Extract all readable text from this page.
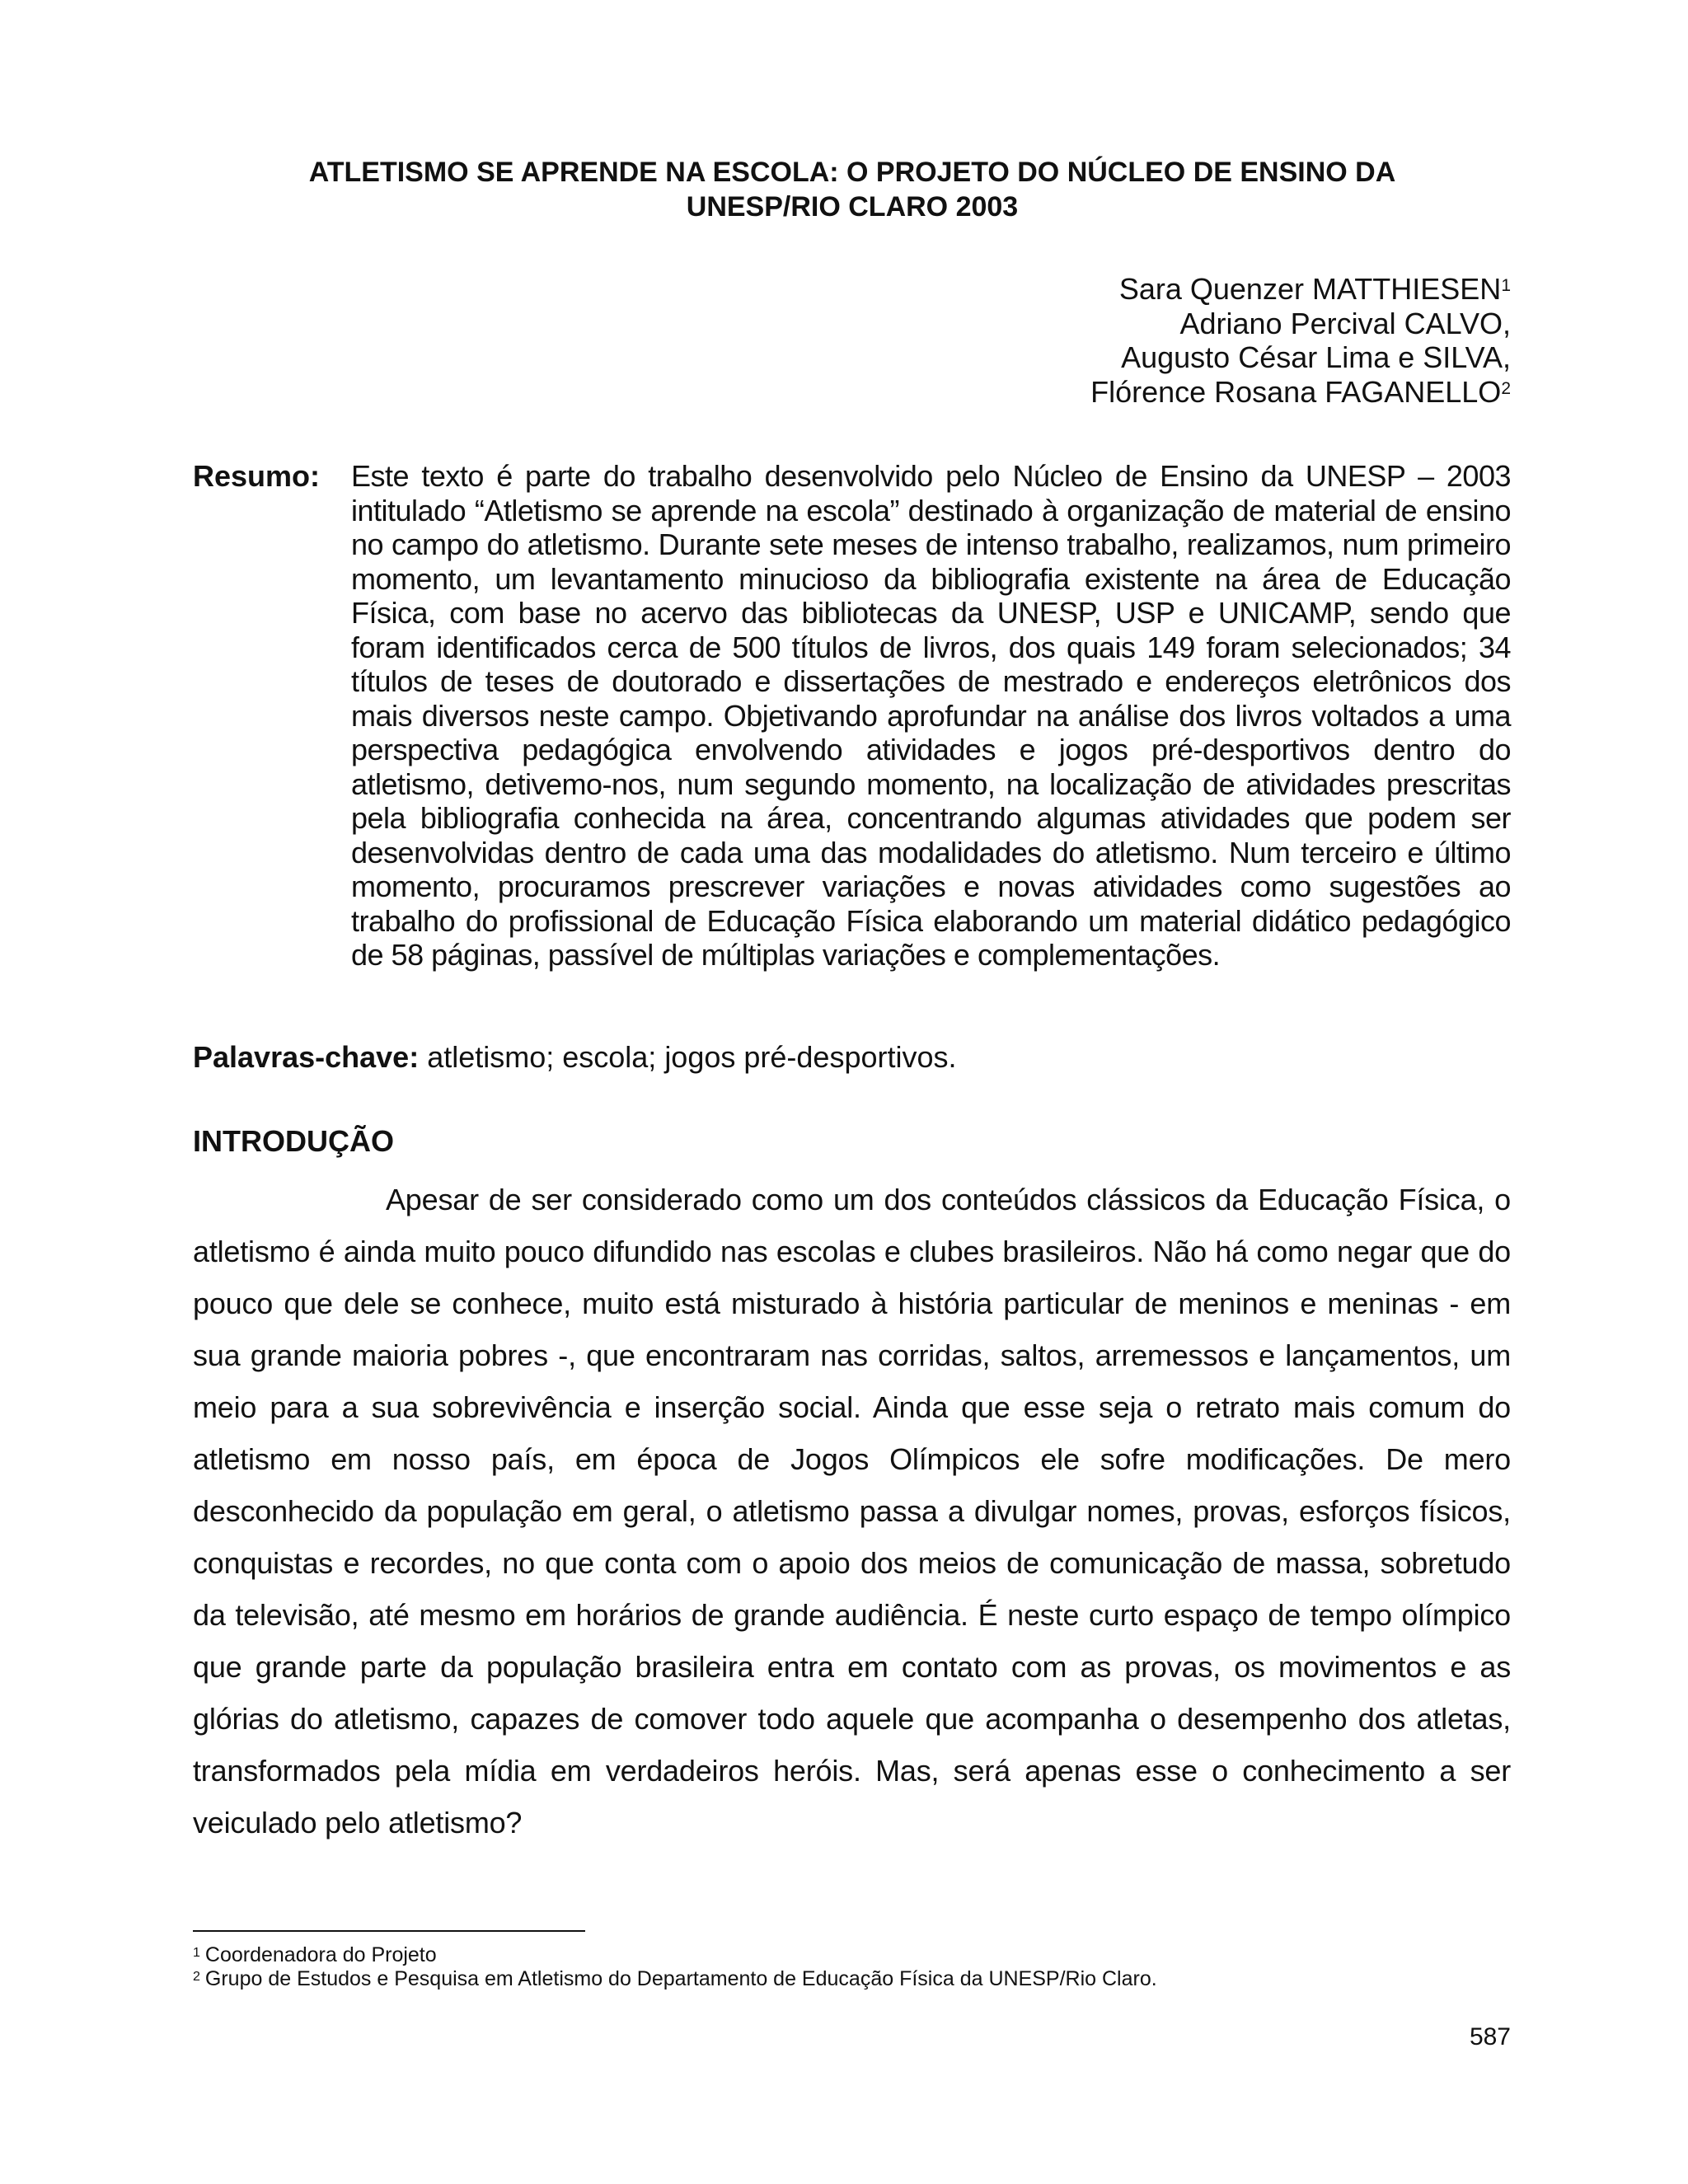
ATLETISMO SE APRENDE NA ESCOLA: O PROJETO DO NÚCLEO DE ENSINO DA
UNESP/RIO CLARO 2003
Sara Quenzer MATTHIESEN$^1$
Adriano Percival CALVO,
Augusto César Lima e SILVA,
Flórence Rosana FAGANELLO$^2$
Resumo: Este texto é parte do trabalho desenvolvido pelo Núcleo de Ensino da UNESP – 2003 intitulado “Atletismo se aprende na escola” destinado à organização de material de ensino no campo do atletismo. Durante sete meses de intenso trabalho, realizamos, num primeiro momento, um levantamento minucioso da bibliografia existente na área de Educação Física, com base no acervo das bibliotecas da UNESP, USP e UNICAMP, sendo que foram identificados cerca de 500 títulos de livros, dos quais 149 foram selecionados; 34 títulos de teses de doutorado e dissertações de mestrado e endereços eletrônicos dos mais diversos neste campo. Objetivando aprofundar na análise dos livros voltados a uma perspectiva pedagógica envolvendo atividades e jogos pré-desportivos dentro do atletismo, detivemo-nos, num segundo momento, na localização de atividades prescritas pela bibliografia conhecida na área, concentrando algumas atividades que podem ser desenvolvidas dentro de cada uma das modalidades do atletismo. Num terceiro e último momento, procuramos prescrever variações e novas atividades como sugestões ao trabalho do profissional de Educação Física elaborando um material didático pedagógico de 58 páginas, passível de múltiplas variações e complementações.
Palavras-chave: atletismo; escola; jogos pré-desportivos.
INTRODUÇÃO
Apesar de ser considerado como um dos conteúdos clássicos da Educação Física, o atletismo é ainda muito pouco difundido nas escolas e clubes brasileiros. Não há como negar que do pouco que dele se conhece, muito está misturado à história particular de meninos e meninas - em sua grande maioria pobres -, que encontraram nas corridas, saltos, arremessos e lançamentos, um meio para a sua sobrevivência e inserção social. Ainda que esse seja o retrato mais comum do atletismo em nosso país, em época de Jogos Olímpicos ele sofre modificações. De mero desconhecido da população em geral, o atletismo passa a divulgar nomes, provas, esforços físicos, conquistas e recordes, no que conta com o apoio dos meios de comunicação de massa, sobretudo da televisão, até mesmo em horários de grande audiência. É neste curto espaço de tempo olímpico que grande parte da população brasileira entra em contato com as provas, os movimentos e as glórias do atletismo, capazes de comover todo aquele que acompanha o desempenho dos atletas, transformados pela mídia em verdadeiros heróis. Mas, será apenas esse o conhecimento a ser veiculado pelo atletismo?
$^1$ Coordenadora do Projeto
$^2$ Grupo de Estudos e Pesquisa em Atletismo do Departamento de Educação Física da UNESP/Rio Claro.
587
